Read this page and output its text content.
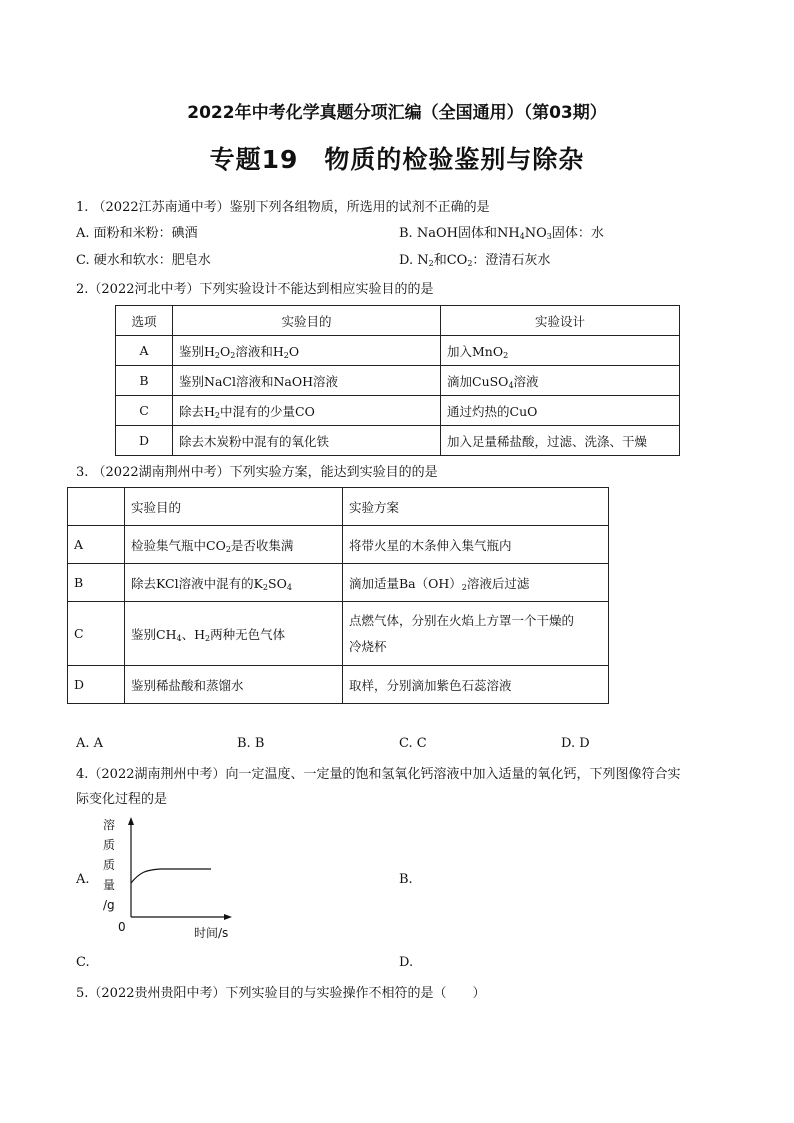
2022年中考化学真题分项汇编（全国通用）（第03期）
专题19　物质的检验鉴别与除杂
1. （2022江苏南通中考）鉴别下列各组物质，所选用的试剂不正确的是
A. 面粉和米粉：碘酒	B. NaOH固体和$NH_4NO_3$固体：水
C. 硬水和软水：肥皂水	D. $N_2$和$CO_2$：澄清石灰水
2.（2022河北中考）下列实验设计不能达到相应实验目的的是
选项	实验目的	实验设计
A	鉴别$H_2O_2$溶液和$H_2O$	加入MnO$_2$
B	鉴别NaCl溶液和NaOH溶液	滴加CuSO$_4$溶液
C	除去$H_2$中混有的少量CO	通过灼热的CuO
D	除去木炭粉中混有的氧化铁	加入足量稀盐酸，过滤、洗涤、干燥
3. （2022湖南荆州中考）下列实验方案，能达到实验目的的是
	实验目的	实验方案
A	检验集气瓶中$CO_2$是否收集满	将带火星的木条伸入集气瓶内
B	除去KCl溶液中混有的$K_2SO_4$	滴加适量$Ba(OH)_2$溶液后过滤
C	鉴别$CH_4$、$H_2$两种无色气体	点燃气体，分别在火焰上方罩一个干燥的
冷烧杯
D	鉴别稀盐酸和蒸馏水	取样，分别滴加紫色石蕊溶液
A. A	B. B	C. C	D. D
4.（2022湖南荆州中考）向一定温度、一定量的饱和氢氧化钙溶液中加入适量的氧化钙，下列图像符合实
际变化过程的是
A.	B.
溶
质
质
量
/g
0	时间/s
C.	D.
5.（2022贵州贵阳中考）下列实验目的与实验操作不相符的是（　　）
